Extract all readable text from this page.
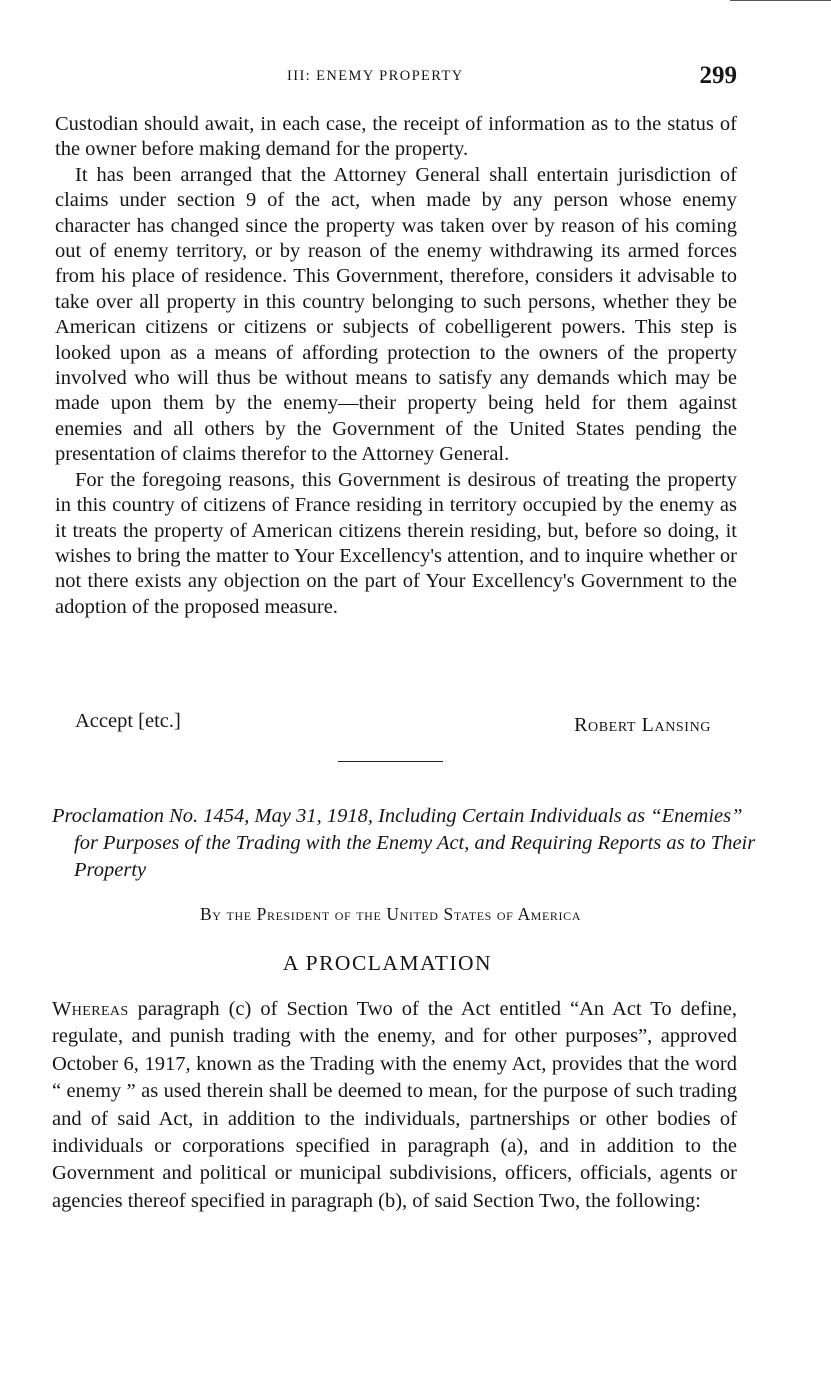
III: ENEMY PROPERTY	299

Custodian should await, in each case, the receipt of information as to the status of the owner before making demand for the property.

It has been arranged that the Attorney General shall entertain jurisdiction of claims under section 9 of the act, when made by any person whose enemy character has changed since the property was taken over by reason of his coming out of enemy territory, or by reason of the enemy withdrawing its armed forces from his place of residence. This Government, therefore, considers it advisable to take over all property in this country belonging to such persons, whether they be American citizens or citizens or subjects of cobelligerent powers. This step is looked upon as a means of affording protection to the owners of the property involved who will thus be without means to satisfy any demands which may be made upon them by the enemy—their property being held for them against enemies and all others by the Government of the United States pending the presentation of claims therefor to the Attorney General.

For the foregoing reasons, this Government is desirous of treating the property in this country of citizens of France residing in territory occupied by the enemy as it treats the property of American citizens therein residing, but, before so doing, it wishes to bring the matter to Your Excellency's attention, and to inquire whether or not there exists any objection on the part of Your Excellency's Government to the adoption of the proposed measure.

Accept [etc.]	Robert Lansing
Proclamation No. 1454, May 31, 1918, Including Certain Individuals as “Enemies” for Purposes of the Trading with the Enemy Act, and Requiring Reports as to Their Property
By the President of the United States of America
A PROCLAMATION

Whereas paragraph (c) of Section Two of the Act entitled “An Act To define, regulate, and punish trading with the enemy, and for other purposes”, approved October 6, 1917, known as the Trading with the enemy Act, provides that the word “ enemy ” as used therein shall be deemed to mean, for the purpose of such trading and of said Act, in addition to the individuals, partnerships or other bodies of individuals or corporations specified in paragraph (a), and in addition to the Government and political or municipal subdivisions, officers, officials, agents or agencies thereof specified in paragraph (b), of said Section Two, the following:
